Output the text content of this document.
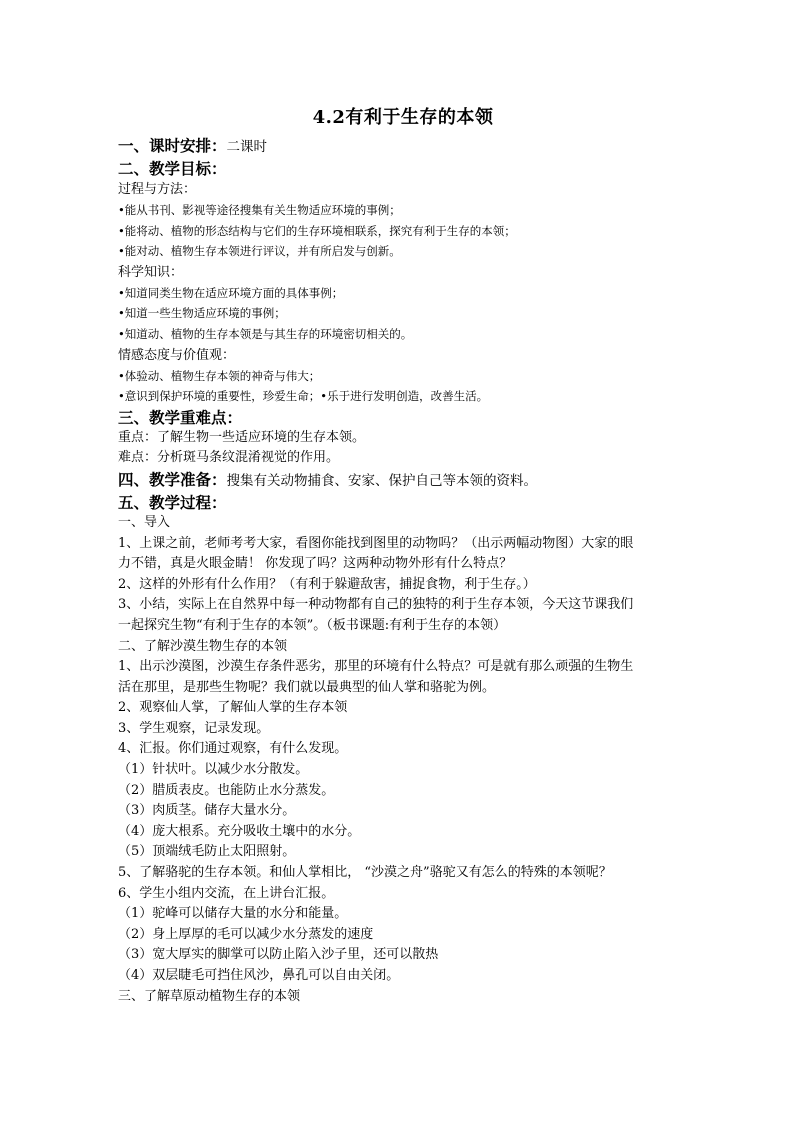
4.2有利于生存的本领
一、课时安排：二课时
二、教学目标：
过程与方法：
•能从书刊、影视等途径搜集有关生物适应环境的事例；
•能将动、植物的形态结构与它们的生存环境相联系，探究有利于生存的本领；
•能对动、植物生存本领进行评议，并有所启发与创新。
科学知识：
•知道同类生物在适应环境方面的具体事例；
•知道一些生物适应环境的事例；
•知道动、植物的生存本领是与其生存的环境密切相关的。
情感态度与价值观：
•体验动、植物生存本领的神奇与伟大；
•意识到保护环境的重要性，珍爱生命；•乐于进行发明创造，改善生活。
三、教学重难点：
重点：了解生物一些适应环境的生存本领。
难点：分析斑马条纹混淆视觉的作用。
四、教学准备：搜集有关动物捕食、安家、保护自己等本领的资料。
五、教学过程：
一、导入
1、上课之前，老师考考大家，看图你能找到图里的动物吗？（出示两幅动物图）大家的眼
力不错，真是火眼金睛！ 你发现了吗？这两种动物外形有什么特点？
2、这样的外形有什么作用？（有利于躲避敌害，捕捉食物，利于生存。）
3、小结，实际上在自然界中每一种动物都有自己的独特的利于生存本领，今天这节课我们
一起探究生物“有利于生存的本领”。（板书课题:有利于生存的本领）
二、了解沙漠生物生存的本领
1、出示沙漠图，沙漠生存条件恶劣，那里的环境有什么特点？可是就有那么顽强的生物生
活在那里，是那些生物呢？我们就以最典型的仙人掌和骆驼为例。
2、观察仙人掌，了解仙人掌的生存本领
3、学生观察，记录发现。
4、汇报。你们通过观察，有什么发现。
（1）针状叶。以减少水分散发。
（2）腊质表皮。也能防止水分蒸发。
（3）肉质茎。储存大量水分。
（4）庞大根系。充分吸收土壤中的水分。
（5）顶端绒毛防止太阳照射。
5、了解骆驼的生存本领。和仙人掌相比， “沙漠之舟”骆驼又有怎么的特殊的本领呢？
6、学生小组内交流，在上讲台汇报。
（1）驼峰可以储存大量的水分和能量。
（2）身上厚厚的毛可以减少水分蒸发的速度
（3）宽大厚实的脚掌可以防止陷入沙子里，还可以散热
（4）双层睫毛可挡住风沙，鼻孔可以自由关闭。
三、了解草原动植物生存的本领
